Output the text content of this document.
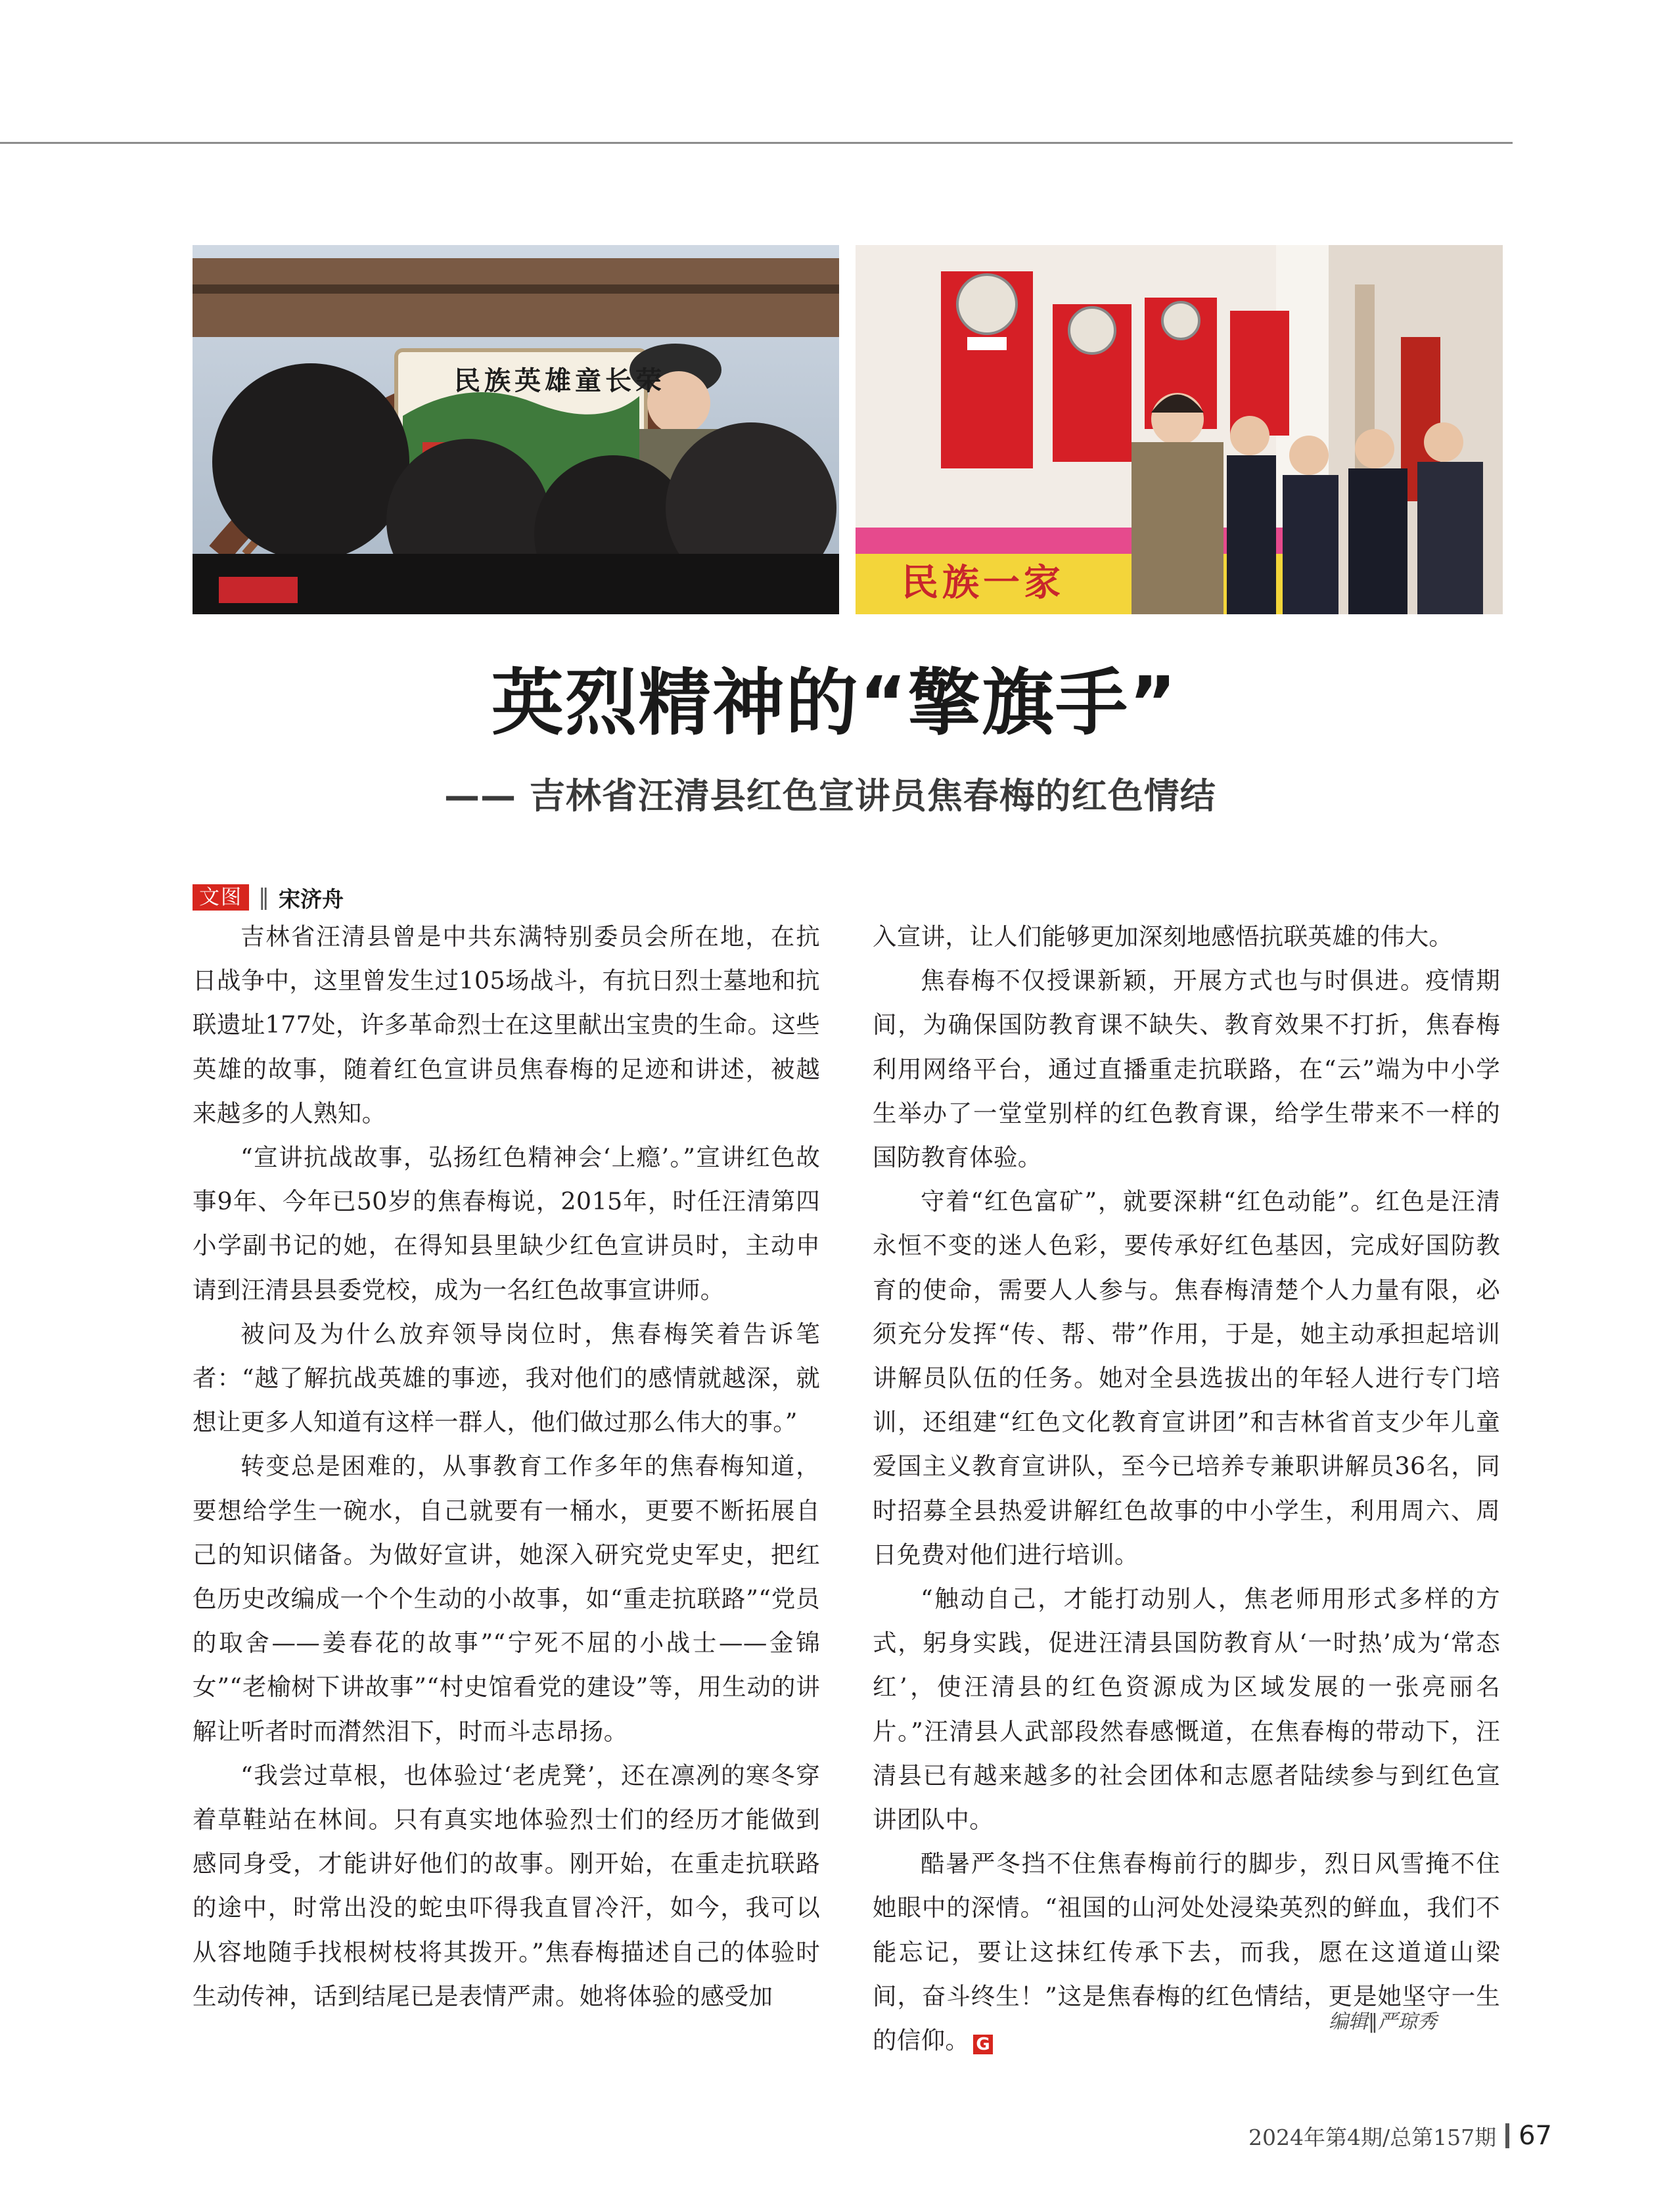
民族英雄童长荣
民族一家
英烈精神的“擎旗手”
—— 吉林省汪清县红色宣讲员焦春梅的红色情结
文图 ‖ 宋济舟

吉林省汪清县曾是中共东满特别委员会所在地，在抗日战争中，这里曾发生过105场战斗，有抗日烈士墓地和抗联遗址177处，许多革命烈士在这里献出宝贵的生命。这些英雄的故事，随着红色宣讲员焦春梅的足迹和讲述，被越来越多的人熟知。

“宣讲抗战故事，弘扬红色精神会‘上瘾’。”宣讲红色故事9年、今年已50岁的焦春梅说，2015年，时任汪清第四小学副书记的她，在得知县里缺少红色宣讲员时，主动申请到汪清县县委党校，成为一名红色故事宣讲师。

被问及为什么放弃领导岗位时，焦春梅笑着告诉笔者：“越了解抗战英雄的事迹，我对他们的感情就越深，就想让更多人知道有这样一群人，他们做过那么伟大的事。”

转变总是困难的，从事教育工作多年的焦春梅知道，要想给学生一碗水，自己就要有一桶水，更要不断拓展自己的知识储备。为做好宣讲，她深入研究党史军史，把红色历史改编成一个个生动的小故事，如“重走抗联路”“党员的取舍——姜春花的故事”“宁死不屈的小战士——金锦女”“老榆树下讲故事”“村史馆看党的建设”等，用生动的讲解让听者时而潸然泪下，时而斗志昂扬。

“我尝过草根，也体验过‘老虎凳’，还在凛冽的寒冬穿着草鞋站在林间。只有真实地体验烈士们的经历才能做到感同身受，才能讲好他们的故事。刚开始，在重走抗联路的途中，时常出没的蛇虫吓得我直冒冷汗，如今，我可以从容地随手找根树枝将其拨开。”焦春梅描述自己的体验时生动传神，话到结尾已是表情严肃。她将体验的感受加

入宣讲，让人们能够更加深刻地感悟抗联英雄的伟大。

焦春梅不仅授课新颖，开展方式也与时俱进。疫情期间，为确保国防教育课不缺失、教育效果不打折，焦春梅利用网络平台，通过直播重走抗联路，在“云”端为中小学生举办了一堂堂别样的红色教育课，给学生带来不一样的国防教育体验。

守着“红色富矿”，就要深耕“红色动能”。红色是汪清永恒不变的迷人色彩，要传承好红色基因，完成好国防教育的使命，需要人人参与。焦春梅清楚个人力量有限，必须充分发挥“传、帮、带”作用，于是，她主动承担起培训讲解员队伍的任务。她对全县选拔出的年轻人进行专门培训，还组建“红色文化教育宣讲团”和吉林省首支少年儿童爱国主义教育宣讲队，至今已培养专兼职讲解员36名，同时招募全县热爱讲解红色故事的中小学生，利用周六、周日免费对他们进行培训。

“触动自己，才能打动别人，焦老师用形式多样的方式，躬身实践，促进汪清县国防教育从‘一时热’成为‘常态红’，使汪清县的红色资源成为区域发展的一张亮丽名片。”汪清县人武部段然春感慨道，在焦春梅的带动下，汪清县已有越来越多的社会团体和志愿者陆续参与到红色宣讲团队中。

酷暑严冬挡不住焦春梅前行的脚步，烈日风雪掩不住她眼中的深情。“祖国的山河处处浸染英烈的鲜血，我们不能忘记，要让这抹红传承下去，而我，愿在这道道山梁间，奋斗终生！”这是焦春梅的红色情结，更是她坚守一生的信仰。 G

编辑‖严琼秀
2024年第4期/总第157期 67
